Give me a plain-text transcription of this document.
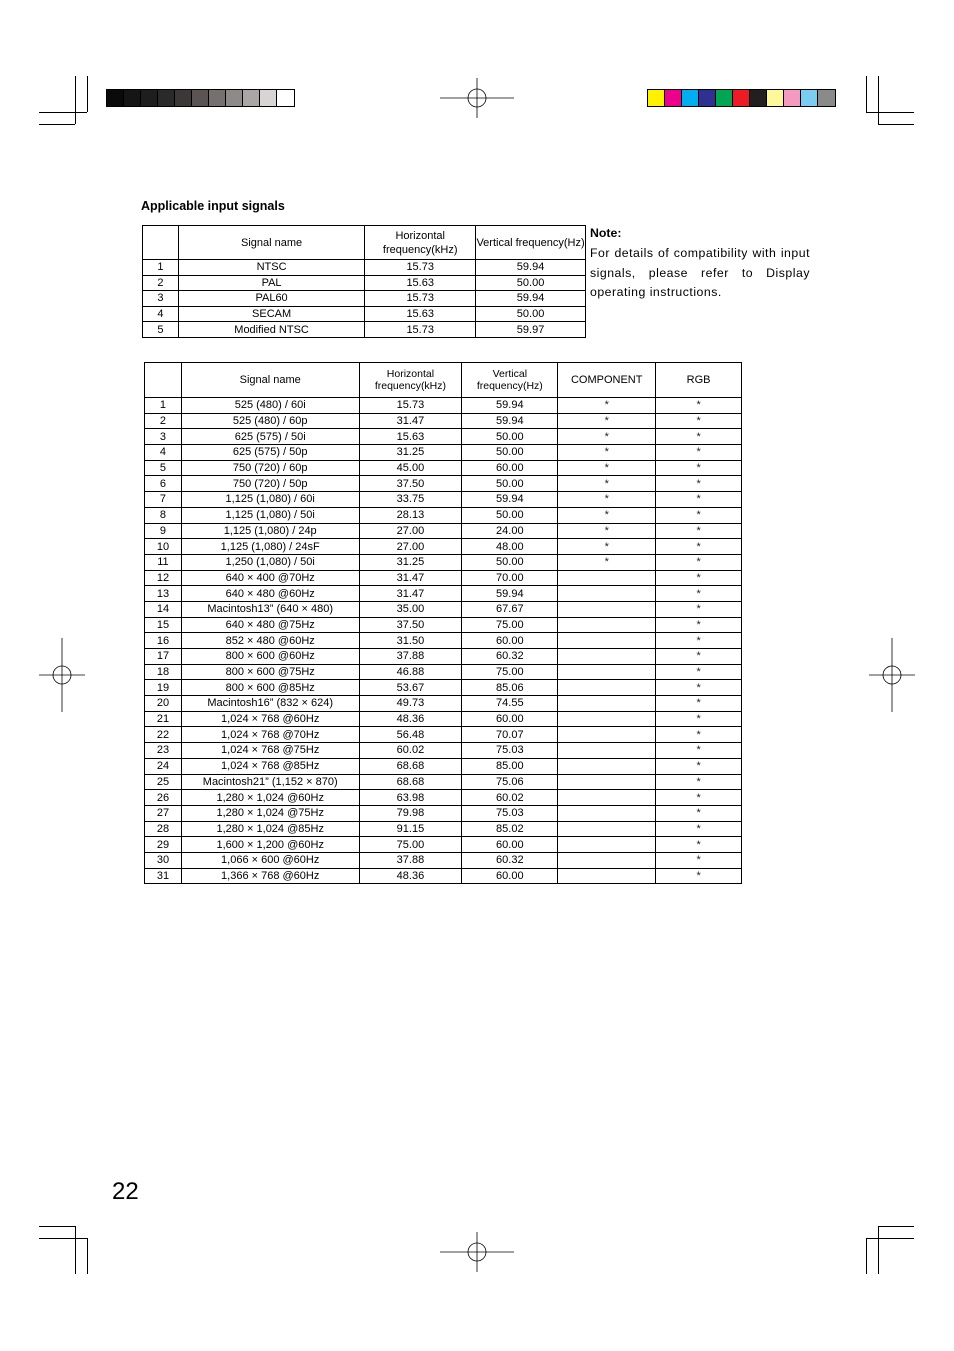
Applicable input signals
	Signal name	Horizontal frequency(kHz)	Vertical frequency(Hz)
1	NTSC	15.73	59.94
2	PAL	15.63	50.00
3	PAL60	15.73	59.94
4	SECAM	15.63	50.00
5	Modified NTSC	15.73	59.97
Note:
For details of compatibility with input signals, please refer to Display operating instructions.
	Signal name	Horizontal frequency(kHz)	Vertical frequency(Hz)	COMPONENT	RGB
1	525 (480) / 60i	15.73	59.94	*	*
2	525 (480) / 60p	31.47	59.94	*	*
3	625 (575) / 50i	15.63	50.00	*	*
4	625 (575) / 50p	31.25	50.00	*	*
5	750 (720) / 60p	45.00	60.00	*	*
6	750 (720) / 50p	37.50	50.00	*	*
7	1,125 (1,080) / 60i	33.75	59.94	*	*
8	1,125 (1,080) / 50i	28.13	50.00	*	*
9	1,125 (1,080) / 24p	27.00	24.00	*	*
10	1,125 (1,080) / 24sF	27.00	48.00	*	*
11	1,250 (1,080) / 50i	31.25	50.00	*	*
12	640 × 400 @70Hz	31.47	70.00		*
13	640 × 480 @60Hz	31.47	59.94		*
14	Macintosh13” (640 × 480)	35.00	67.67		*
15	640 × 480 @75Hz	37.50	75.00		*
16	852 × 480 @60Hz	31.50	60.00		*
17	800 × 600 @60Hz	37.88	60.32		*
18	800 × 600 @75Hz	46.88	75.00		*
19	800 × 600 @85Hz	53.67	85.06		*
20	Macintosh16” (832 × 624)	49.73	74.55		*
21	1,024 × 768 @60Hz	48.36	60.00		*
22	1,024 × 768 @70Hz	56.48	70.07		*
23	1,024 × 768 @75Hz	60.02	75.03		*
24	1,024 × 768 @85Hz	68.68	85.00		*
25	Macintosh21” (1,152 × 870)	68.68	75.06		*
26	1,280 × 1,024 @60Hz	63.98	60.02		*
27	1,280 × 1,024 @75Hz	79.98	75.03		*
28	1,280 × 1,024 @85Hz	91.15	85.02		*
29	1,600 × 1,200 @60Hz	75.00	60.00		*
30	1,066 × 600 @60Hz	37.88	60.32		*
31	1,366 × 768 @60Hz	48.36	60.00		*
22
